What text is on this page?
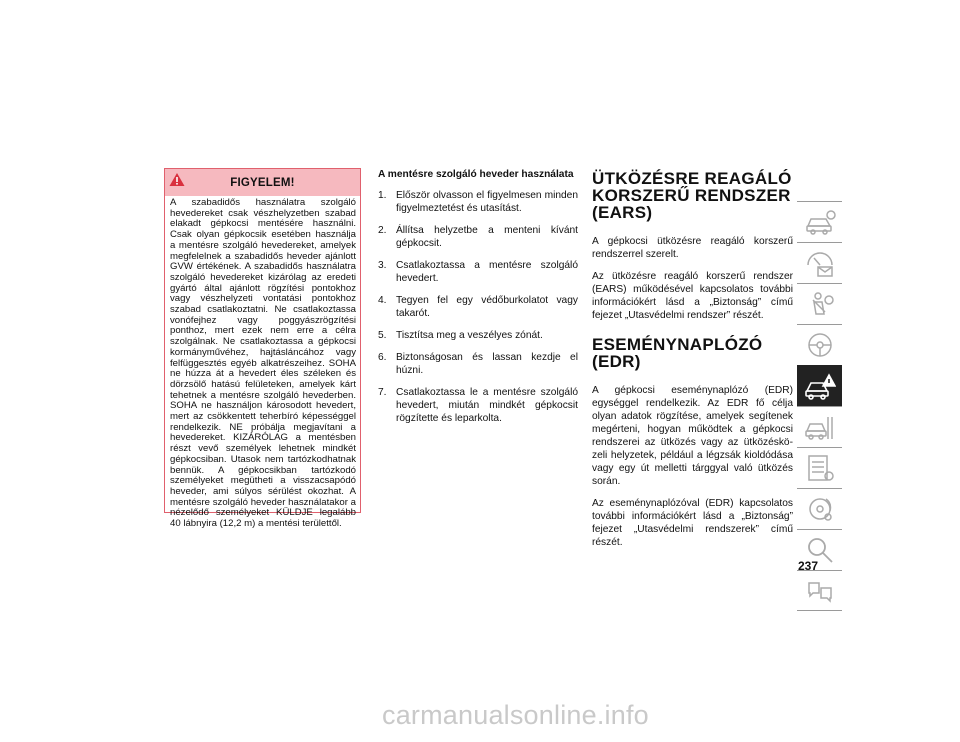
FIGYELEM!
A szabadidős használatra szolgáló hevedereket csak vészhelyzetben szabad elakadt gépkocsi mentésére használni. Csak olyan gépkocsik esetében használja a mentésre szolgáló hevedereket, amelyek megfelelnek a szabadidős heveder ajánlott GVW értékének. A szabadidős használatra szolgáló hevedereket kizárólag az eredeti gyártó által ajánlott rögzítési pontokhoz vagy vészhelyzeti vontatási pontokhoz szabad csatlakoztatni. Ne csatlakoztassa vonófejhez vagy poggyászrögzítési ponthoz, mert ezek nem erre a célra szolgálnak. Ne csatlakoztassa a gépkocsi kormányművéhez, hajtásláncához vagy felfüggesztés egyéb alkatrészeihez. SOHA ne húzza át a hevedert éles széleken és dörzsölő hatású felületeken, amelyek kárt tehetnek a mentésre szolgáló hevederben. SOHA ne használjon károsodott hevedert, mert az csökkentett teherbíró képességgel rendelkezik. NE próbálja megjavítani a hevedereket. KIZÁRÓLAG a mentésben részt vevő személyek lehetnek mindkét gépkocsiban. Utasok nem tartózkodhatnak bennük. A gépkocsikban tartózkodó személyeket megütheti a visszacsapódó heveder, ami súlyos sérülést okozhat. A mentésre szolgáló heveder használatakor a nézelődő személyeket KÜLDJE legalább 40 lábnyira (12,2 m) a mentési területtől.
A mentésre szolgáló heveder használata
1. Először olvasson el figyelmesen minden figyelmeztetést és utasítást.
2. Állítsa helyzetbe a menteni kívánt gépkocsit.
3. Csatlakoztassa a mentésre szolgáló hevedert.
4. Tegyen fel egy védőburkolatot vagy takarót.
5. Tisztítsa meg a veszélyes zónát.
6. Biztonságosan és lassan kezdje el húzni.
7. Csatlakoztassa le a mentésre szolgáló hevedert, miután mindkét gépkocsit rögzítette és leparkolta.
ÜTKÖZÉSRE REAGÁLÓ KORSZERŰ RENDSZER (EARS)

A gépkocsi ütközésre reagáló korszerű rendszerrel szerelt.

Az ütközésre reagáló korszerű rendszer (EARS) működésével kapcsolatos további információkért lásd a „Biztonság” című fejezet „Utasvédelmi rendszer” részét.

ESEMÉNYNAPLÓZÓ (EDR)

A gépkocsi eseménynaplózó (EDR) egységgel rendelkezik. Az EDR fő célja olyan adatok rögzítése, amelyek segítenek megérteni, hogyan működtek a gépkocsi rendszerei az ütközés vagy az ütközésközeli helyzetek, például a légzsák kioldódása vagy egy út melletti tárggyal való ütközés során.

Az eseménynaplózóval (EDR) kapcsolatos további információkért lásd a „Biztonság” fejezet „Utasvédelmi rendszerek” című részét.

237
carmanualsonline.info
